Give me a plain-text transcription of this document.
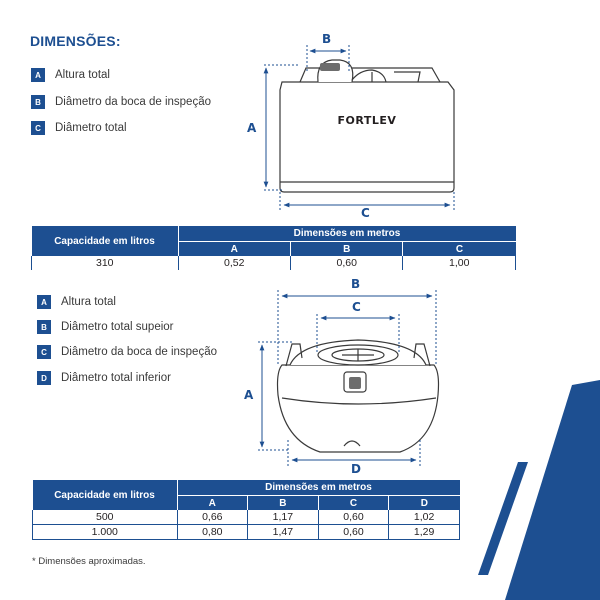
DIMENSÕES:
A	Altura total
B	Diâmetro da boca de inspeção
C	Diâmetro total
FORTLEV
B
A
C
Capacidade em litros	Dimensões em metros		
	A	B	C
310	0,52	0,60	1,00
A	Altura total
B	Diâmetro total supeior
C	Diâmetro da boca de inspeção
D	Diâmetro total inferior
B
C
A
D
Capacidade em litros	Dimensões em metros			
	A	B	C	D
500	0,66	1,17	0,60	1,02
1.000	0,80	1,47	0,60	1,29
* Dimensões aproximadas.
